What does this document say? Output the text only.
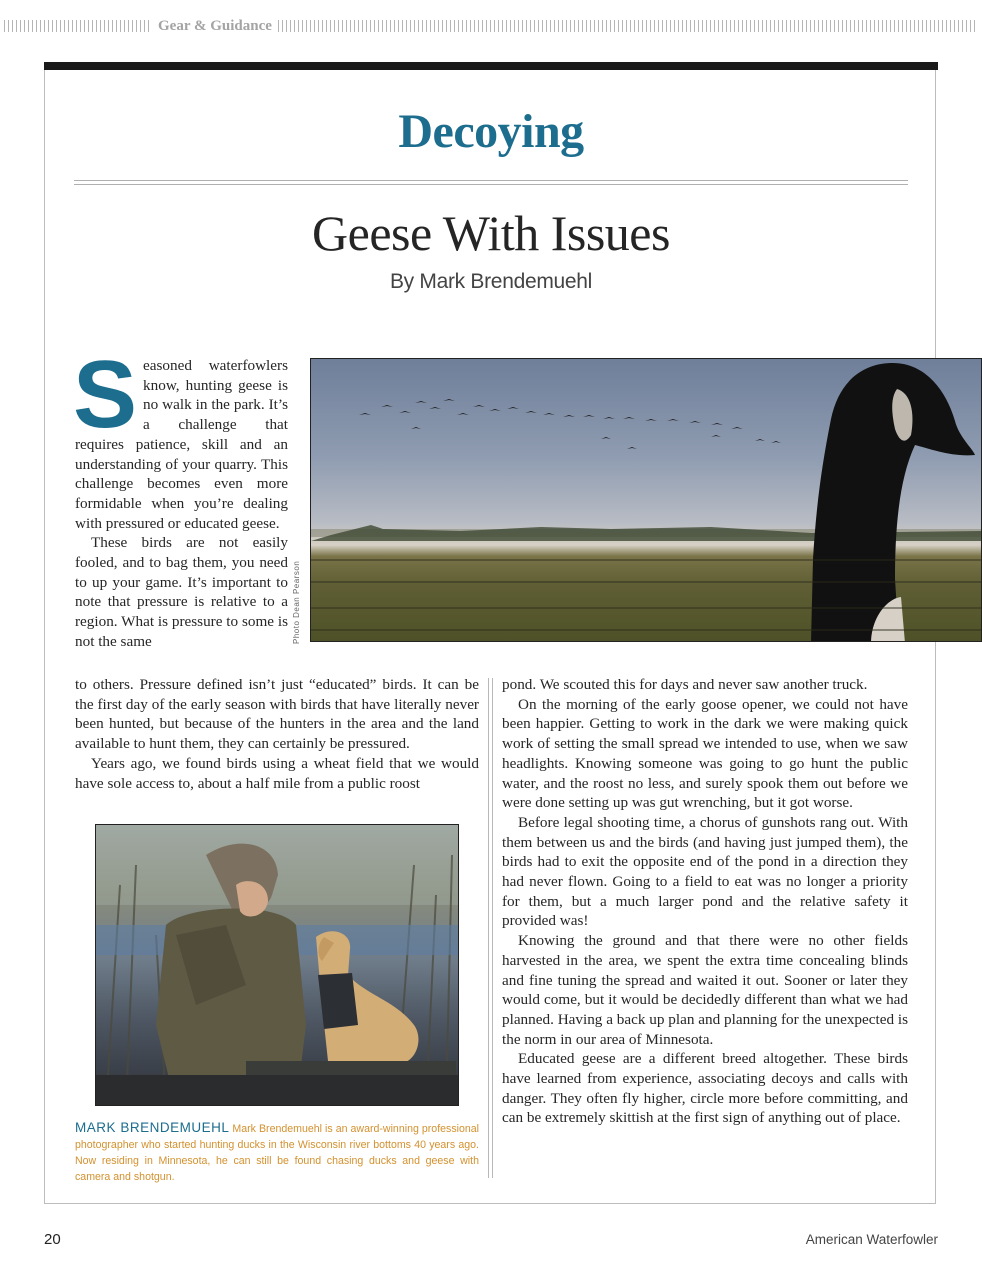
Gear & Guidance
Decoying
Geese With Issues
By Mark Brendemuehl

Seasoned waterfowlers know, hunting geese is no walk in the park. It’s a challenge that requires patience, skill and an understanding of your quarry. This challenge becomes even more formidable when you’re dealing with pressured or educated geese.

These birds are not easily fooled, and to bag them, you need to up your game. It’s important to note that pressure is relative to a region. What is pressure to some is not the same	Photo Dean Pearson

to others. Pressure defined isn’t just “educated” birds. It can be the first day of the early season with birds that have literally never been hunted, but because of the hunters in the area and the land available to hunt them, they can certainly be pressured.

Years ago, we found birds using a wheat field that we would have sole access to, about a half mile from a public roost

pond. We scouted this for days and never saw another truck.

On the morning of the early goose opener, we could not have been happier. Getting to work in the dark we were making quick work of setting the small spread we intended to use, when we saw headlights. Knowing someone was going to go hunt the public water, and the roost no less, and surely spook them out before we were done setting up was gut wrenching, but it got worse.

Before legal shooting time, a chorus of gunshots rang out. With them between us and the birds (and having just jumped them), the birds had to exit the opposite end of the pond in a direction they had never flown. Going to a field to eat was no longer a priority for them, but a much larger pond and the relative safety it provided was!

Knowing the ground and that there were no other fields harvested in the area, we spent the extra time concealing blinds and fine tuning the spread and waited it out. Sooner or later they would come, but it would be decidedly different than what we had planned. Having a back up plan and planning for the unexpected is the norm in our area of Minnesota.

Educated geese are a different breed altogether. These birds have learned from experience, associating decoys and calls with danger. They often fly higher, circle more before committing, and can be extremely skittish at the first sign of anything out of place.

MARK BRENDEMUEHL Mark Brendemuehl is an award-winning professional photographer who started hunting ducks in the Wisconsin river bottoms 40 years ago. Now residing in Minnesota, he can still be found chasing ducks and geese with camera and shotgun.
20	American Waterfowler
